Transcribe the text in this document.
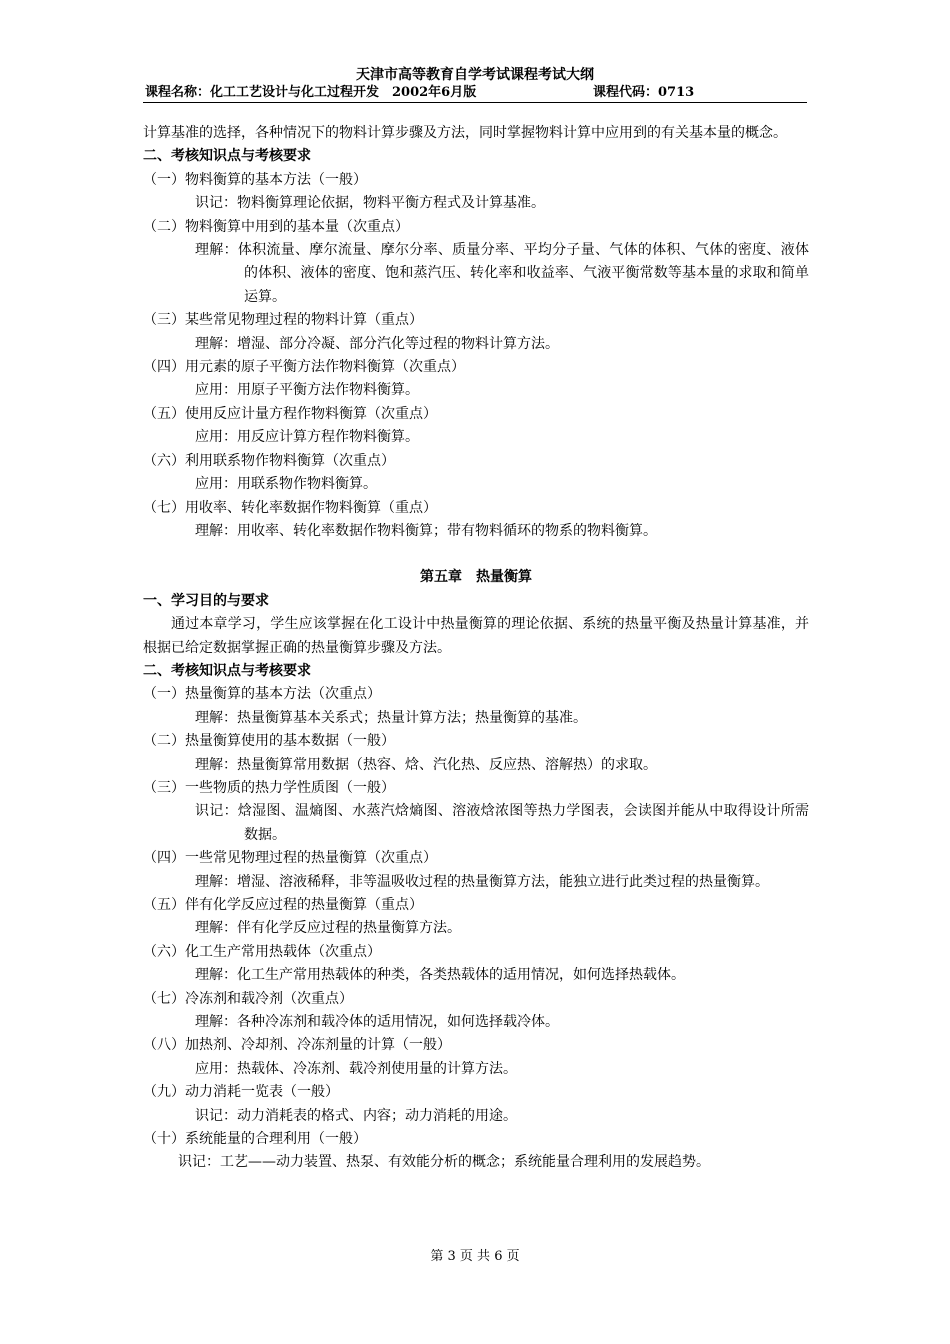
天津市高等教育自学考试课程考试大纲
课程名称：化工工艺设计与化工过程开发　2002年6月版	课程代码：0713

计算基准的选择，各种情况下的物料计算步骤及方法，同时掌握物料计算中应用到的有关基本量的概念。

二、考核知识点与考核要求

（一）物料衡算的基本方法（一般）

识记：物料衡算理论依据，物料平衡方程式及计算基准。

（二）物料衡算中用到的基本量（次重点）

理解：体积流量、摩尔流量、摩尔分率、质量分率、平均分子量、气体的体积、气体的密度、液体的体积、液体的密度、饱和蒸汽压、转化率和收益率、气液平衡常数等基本量的求取和简单运算。

（三）某些常见物理过程的物料计算（重点）

理解：增湿、部分冷凝、部分汽化等过程的物料计算方法。

（四）用元素的原子平衡方法作物料衡算（次重点）

应用：用原子平衡方法作物料衡算。

（五）使用反应计量方程作物料衡算（次重点）

应用：用反应计算方程作物料衡算。

（六）利用联系物作物料衡算（次重点）

应用：用联系物作物料衡算。

（七）用收率、转化率数据作物料衡算（重点）

理解：用收率、转化率数据作物料衡算；带有物料循环的物系的物料衡算。

第五章　热量衡算

一、学习目的与要求

通过本章学习，学生应该掌握在化工设计中热量衡算的理论依据、系统的热量平衡及热量计算基准，并根据已给定数据掌握正确的热量衡算步骤及方法。

二、考核知识点与考核要求

（一）热量衡算的基本方法（次重点）

理解：热量衡算基本关系式；热量计算方法；热量衡算的基准。

（二）热量衡算使用的基本数据（一般）

理解：热量衡算常用数据（热容、焓、汽化热、反应热、溶解热）的求取。

（三）一些物质的热力学性质图（一般）

识记：焓湿图、温熵图、水蒸汽焓熵图、溶液焓浓图等热力学图表，会读图并能从中取得设计所需数据。

（四）一些常见物理过程的热量衡算（次重点）

理解：增湿、溶液稀释，非等温吸收过程的热量衡算方法，能独立进行此类过程的热量衡算。

（五）伴有化学反应过程的热量衡算（重点）

理解：伴有化学反应过程的热量衡算方法。

（六）化工生产常用热载体（次重点）

理解：化工生产常用热载体的种类，各类热载体的适用情况，如何选择热载体。

（七）冷冻剂和载冷剂（次重点）

理解：各种冷冻剂和载冷体的适用情况，如何选择载冷体。

（八）加热剂、冷却剂、冷冻剂量的计算（一般）

应用：热载体、冷冻剂、载冷剂使用量的计算方法。

（九）动力消耗一览表（一般）

识记：动力消耗表的格式、内容；动力消耗的用途。

（十）系统能量的合理利用（一般）

识记：工艺——动力装置、热泵、有效能分析的概念；系统能量合理利用的发展趋势。

第 3 页 共 6 页
